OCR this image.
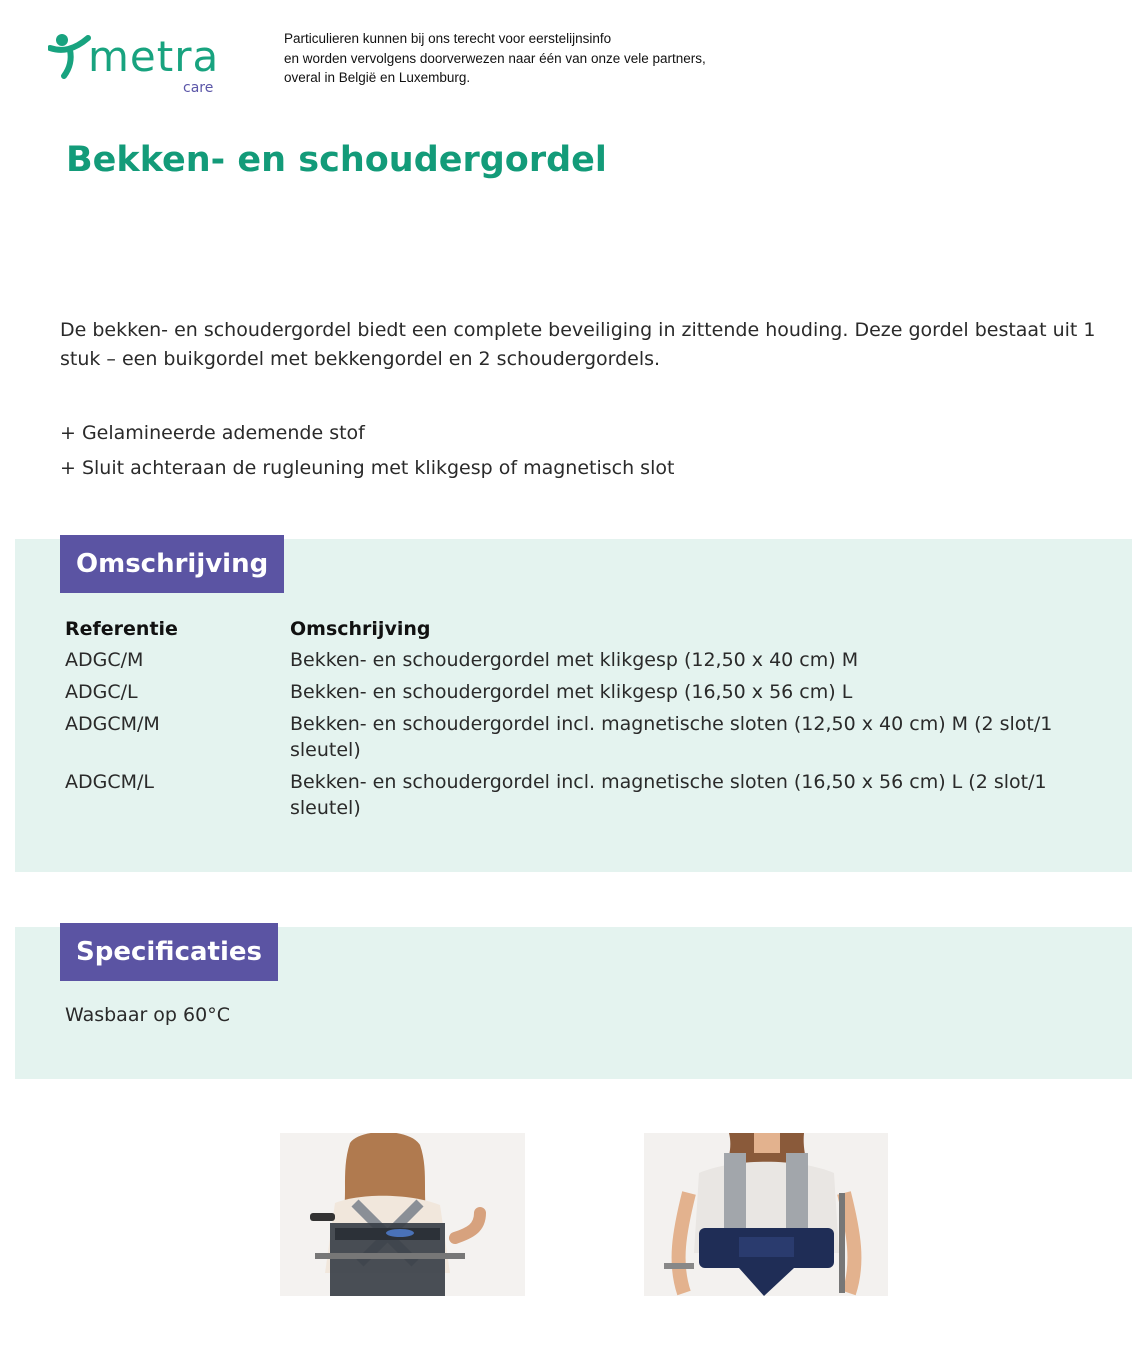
metra
care
Particulieren kunnen bij ons terecht voor eerstelijnsinfo
en worden vervolgens doorverwezen naar één van onze vele partners,
overal in België en Luxemburg.
Bekken- en schoudergordel

De bekken- en schoudergordel biedt een complete beveiliging in zittende houding. Deze gordel bestaat uit 1 stuk – een buikgordel met bekkengordel en 2 schoudergordels.

+ Gelamineerde ademende stof
+ Sluit achteraan de rugleuning met klikgesp of magnetisch slot
Omschrijving
Referentie	Omschrijving
ADGC/M	Bekken- en schoudergordel met klikgesp (12,50 x 40 cm) M
ADGC/L	Bekken- en schoudergordel met klikgesp (16,50 x 56 cm) L
ADGCM/M	Bekken- en schoudergordel incl. magnetische sloten (12,50 x 40 cm) M (2 slot/1 sleutel)
ADGCM/L	Bekken- en schoudergordel incl. magnetische sloten (16,50 x 56 cm) L (2 slot/1 sleutel)
Specificaties

Wasbaar op 60°C
